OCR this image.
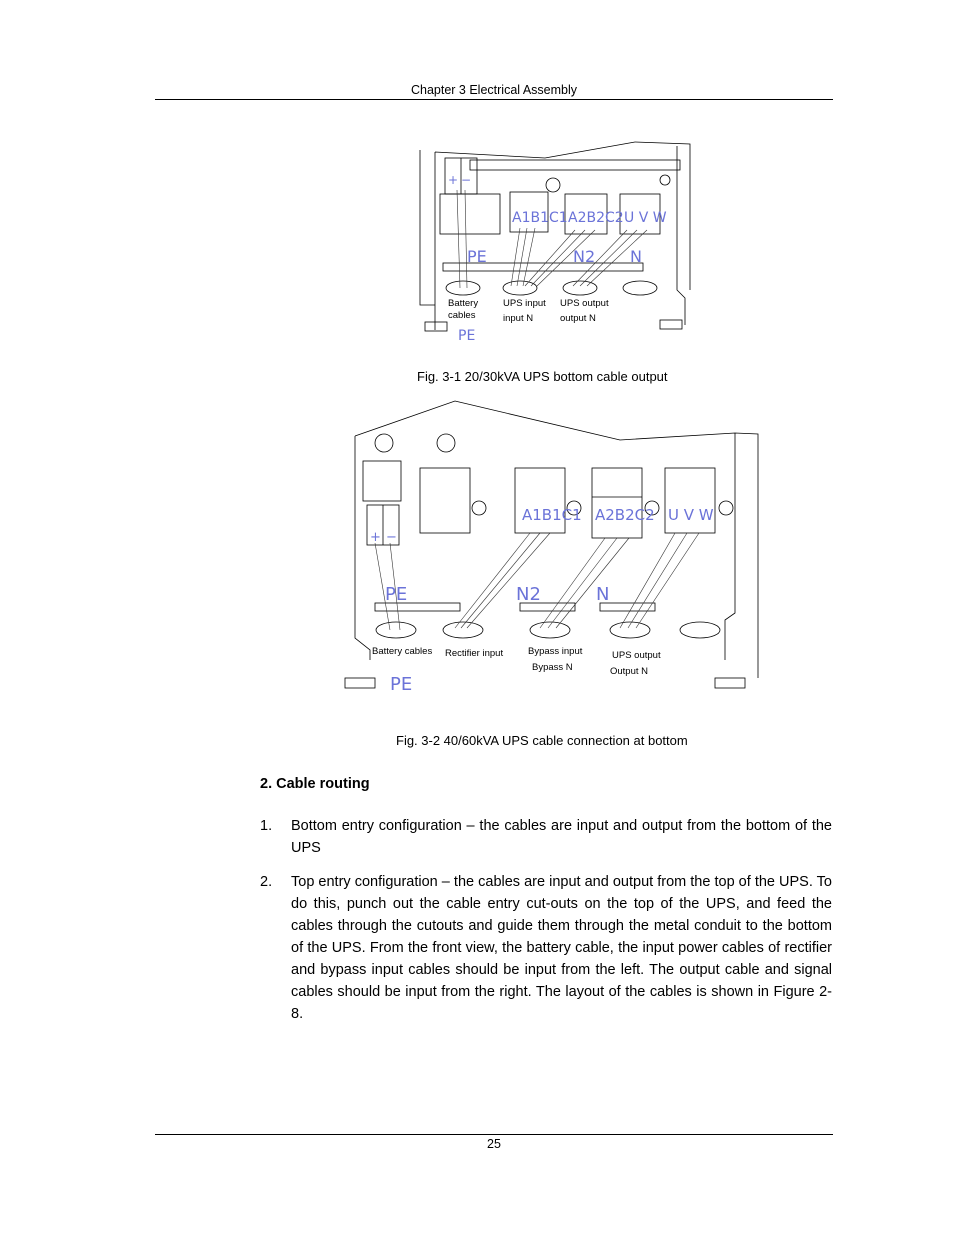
Chapter 3 Electrical Assembly
+ −
A1B1C1 A2B2C2 U V W
PE	N2 N
PE
Battery
cables
UPS input
input N
UPS output
output N
Fig. 3-1 20/30kVA UPS bottom cable output
+ −
A1B1C1 A2B2C2 U V W
PE	N2	N
PE
Battery cables Rectifier input	Bypass input
Bypass N
UPS output
Output N
Fig. 3-2 40/60kVA UPS cable connection at bottom
2. Cable routing
1. Bottom entry configuration – the cables are input and output from the bottom of the UPS
2. Top entry configuration – the cables are input and output from the top of the UPS. To do this, punch out the cable entry cut-outs on the top of the UPS, and feed the cables through the cutouts and guide them through the metal conduit to the bottom of the UPS. From the front view, the battery cable, the input power cables of rectifier and bypass input cables should be input from the left. The output cable and signal cables should be input from the right. The layout of the cables is shown in Figure 2-8.
25
